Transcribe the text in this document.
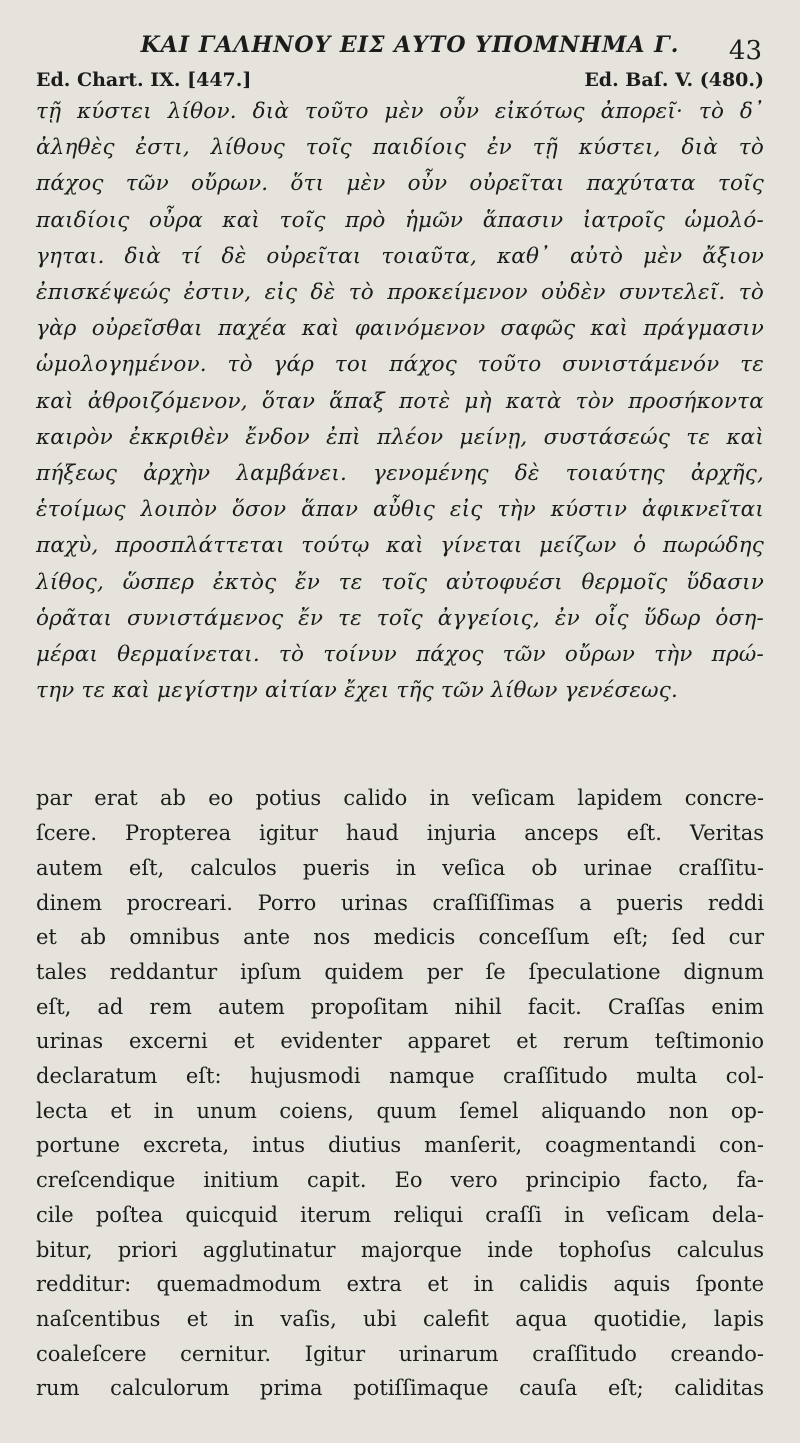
ΚΑΙ ΓΑΛΗΝΟΥ ΕΙΣ ΑΥΤΟ ΥΠΟΜΝΗΜΑ Γ.	43
Ed. Chart. IX. [447.]	Ed. Baſ. V. (480.)
τῇ κύστει λίθον. διὰ τοῦτο μὲν οὖν εἰκότως ἀπορεῖ· τὸ δ᾽
ἀληθὲς ἐστι, λίθους τοῖς παιδίοις ἐν τῇ κύστει, διὰ τὸ
πάχος τῶν οὔρων. ὅτι μὲν οὖν οὐρεῖται παχύτατα τοῖς
παιδίοις οὖρα καὶ τοῖς πρὸ ἡμῶν ἅπασιν ἰατροῖς ὡμολό-
γηται. διὰ τί δὲ οὐρεῖται τοιαῦτα, καθ᾽ αὐτὸ μὲν ἄξιον
ἐπισκέψεώς ἐστιν, εἰς δὲ τὸ προκείμενον οὐδὲν συντελεῖ. τὸ
γὰρ οὐρεῖσθαι παχέα καὶ φαινόμενον σαφῶς καὶ πράγμασιν
ὡμολογημένον. τὸ γάρ τοι πάχος τοῦτο συνιστάμενόν τε
καὶ ἀθροιζόμενον, ὅταν ἅπαξ ποτὲ μὴ κατὰ τὸν προσήκοντα
καιρὸν ἐκκριθὲν ἔνδον ἐπὶ πλέον μείνῃ, συστάσεώς τε καὶ
πήξεως ἀρχὴν λαμβάνει. γενομένης δὲ τοιαύτης ἀρχῆς,
ἑτοίμως λοιπὸν ὅσον ἅπαν αὖθις εἰς τὴν κύστιν ἀφικνεῖται
παχὺ, προσπλάττεται τούτῳ καὶ γίνεται μείζων ὁ πωρώδης
λίθος, ὥσπερ ἐκτὸς ἔν τε τοῖς αὐτοφυέσι θερμοῖς ὕδασιν
ὁρᾶται συνιστάμενος ἔν τε τοῖς ἀγγείοις, ἐν οἷς ὕδωρ ὁση-
μέραι θερμαίνεται. τὸ τοίνυν πάχος τῶν οὔρων τὴν πρώ-
την τε καὶ μεγίστην αἰτίαν ἔχει τῆς τῶν λίθων γενέσεως.
par erat ab eo potius calido in veſicam lapidem concre-
ſcere. Propterea igitur haud injuria anceps eſt. Veritas
autem eſt, calculos pueris in veſica ob urinae craſſitu-
dinem procreari. Porro urinas craſſiſſimas a pueris reddi
et ab omnibus ante nos medicis conceſſum eſt; ſed cur
tales reddantur ipſum quidem per ſe ſpeculatione dignum
eſt, ad rem autem propoſitam nihil facit. Craſſas enim
urinas excerni et evidenter apparet et rerum teſtimonio
declaratum eſt: hujusmodi namque craſſitudo multa col-
lecta et in unum coiens, quum ſemel aliquando non op-
portune excreta, intus diutius manſerit, coagmentandi con-
creſcendique initium capit. Eo vero principio facto, fa-
cile poſtea quicquid iterum reliqui craſſi in veſicam dela-
bitur, priori agglutinatur majorque inde tophoſus calculus
redditur: quemadmodum extra et in calidis aquis ſponte
naſcentibus et in vaſis, ubi calefit aqua quotidie, lapis
coaleſcere cernitur. Igitur urinarum craſſitudo creando-
rum calculorum prima potiſſimaque cauſa eſt; caliditas
